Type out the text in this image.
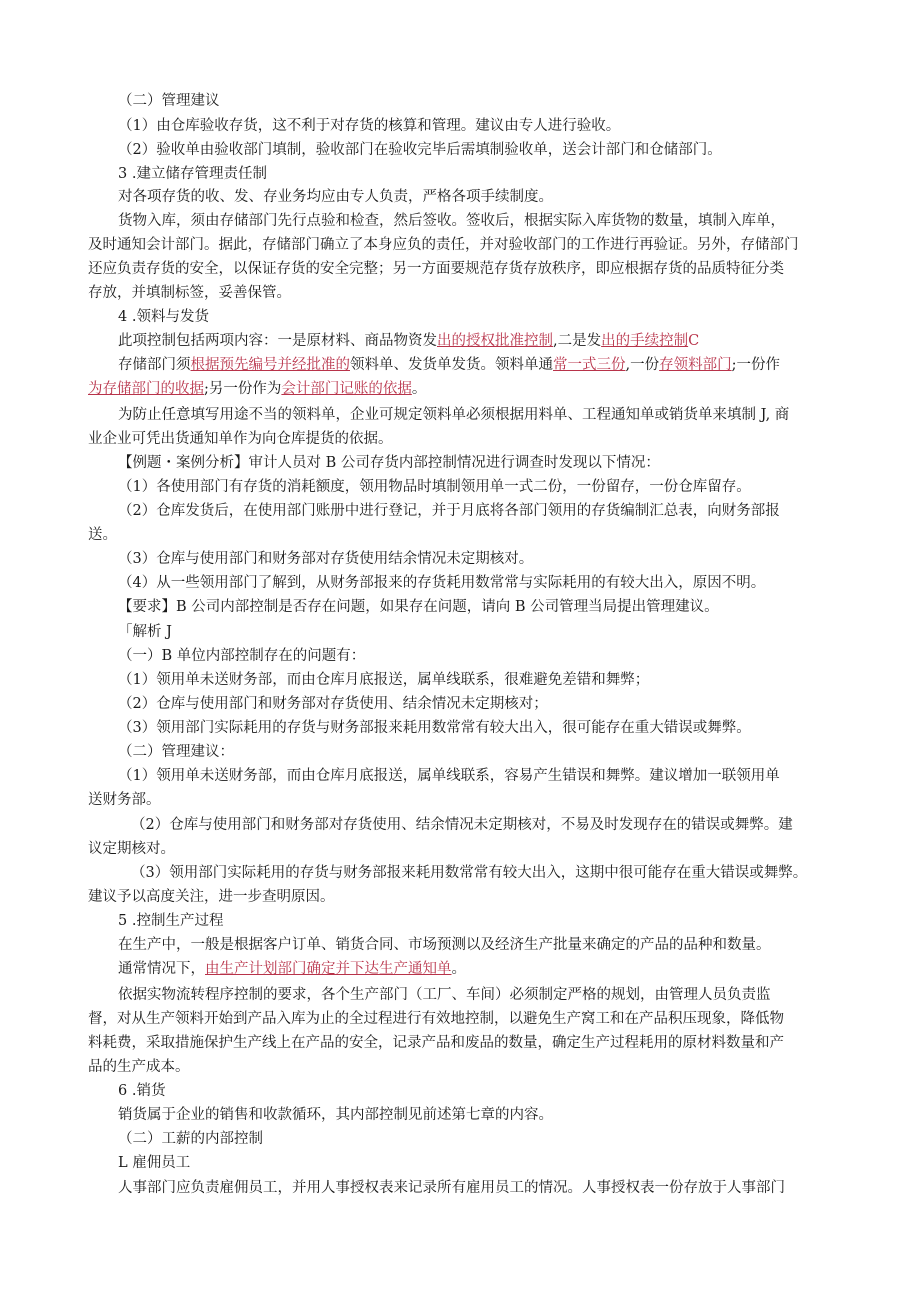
（二）管理建议
（1）由仓库验收存货，这不利于对存货的核算和管理。建议由专人进行验收。
（2）验收单由验收部门填制，验收部门在验收完毕后需填制验收单，送会计部门和仓储部门。
3 .建立储存管理责任制
对各项存货的收、发、存业务均应由专人负责，严格各项手续制度。
货物入库，须由存储部门先行点验和检查，然后签收。签收后，根据实际入库货物的数量，填制入库单，
及时通知会计部门。据此，存储部门确立了本身应负的责任，并对验收部门的工作进行再验证。另外，存储部门
还应负责存货的安全，以保证存货的安全完整；另一方面要规范存货存放秩序，即应根据存货的品质特征分类
存放，并填制标签，妥善保管。
4 .领料与发货
此项控制包括两项内容：一是原材料、商品物资发出的授权批准控制,二是发出的手续控制C
存储部门须根据预先编号并经批准的领料单、发货单发货。领料单通常一式三份,一份存领料部门;一份作
为存储部门的收据;另一份作为会计部门记账的依据。
为防止任意填写用途不当的领料单，企业可规定领料单必须根据用料单、工程通知单或销货单来填制 J, 商
业企业可凭出货通知单作为向仓库提货的依据。
【例题・案例分析】审计人员对 B 公司存货内部控制情况进行调查时发现以下情况：
（1）各使用部门有存货的消耗额度，领用物品时填制领用单一式二份，一份留存，一份仓库留存。
（2）仓库发货后，在使用部门账册中进行登记，并于月底将各部门领用的存货编制汇总表，向财务部报
送。
（3）仓库与使用部门和财务部对存货使用结余情况未定期核对。
（4）从一些领用部门了解到，从财务部报来的存货耗用数常常与实际耗用的有较大出入，原因不明。
【要求】B 公司内部控制是否存在问题，如果存在问题，请向 B 公司管理当局提出管理建议。
「解析 J
（一）B 单位内部控制存在的问题有：
（1）领用单未送财务部，而由仓库月底报送，属单线联系，很难避免差错和舞弊；
（2）仓库与使用部门和财务部对存货使用、结余情况未定期核对；
（3）领用部门实际耗用的存货与财务部报来耗用数常常有较大出入，很可能存在重大错误或舞弊。
（二）管理建议：
（1）领用单未送财务部，而由仓库月底报送，属单线联系，容易产生错误和舞弊。建议增加一联领用单
送财务部。
（2）仓库与使用部门和财务部对存货使用、结余情况未定期核对，不易及时发现存在的错误或舞弊。建
议定期核对。
（3）领用部门实际耗用的存货与财务部报来耗用数常常有较大出入，这期中很可能存在重大错误或舞弊。
建议予以高度关注，进一步查明原因。
5 .控制生产过程
在生产中，一般是根据客户订单、销货合同、市场预测以及经济生产批量来确定的产品的品种和数量。
通常情况下，由生产计划部门确定并下达生产通知单。
依据实物流转程序控制的要求，各个生产部门（工厂、车间）必须制定严格的规划，由管理人员负责监
督，对从生产领料开始到产品入库为止的全过程进行有效地控制，以避免生产窝工和在产品积压现象，降低物
料耗费，采取措施保护生产线上在产品的安全，记录产品和废品的数量，确定生产过程耗用的原材料数量和产
品的生产成本。
6 .销货
销货属于企业的销售和收款循环，其内部控制见前述第七章的内容。
（二）工薪的内部控制
L 雇佣员工
人事部门应负责雇佣员工，并用人事授权表来记录所有雇用员工的情况。人事授权表一份存放于人事部门
